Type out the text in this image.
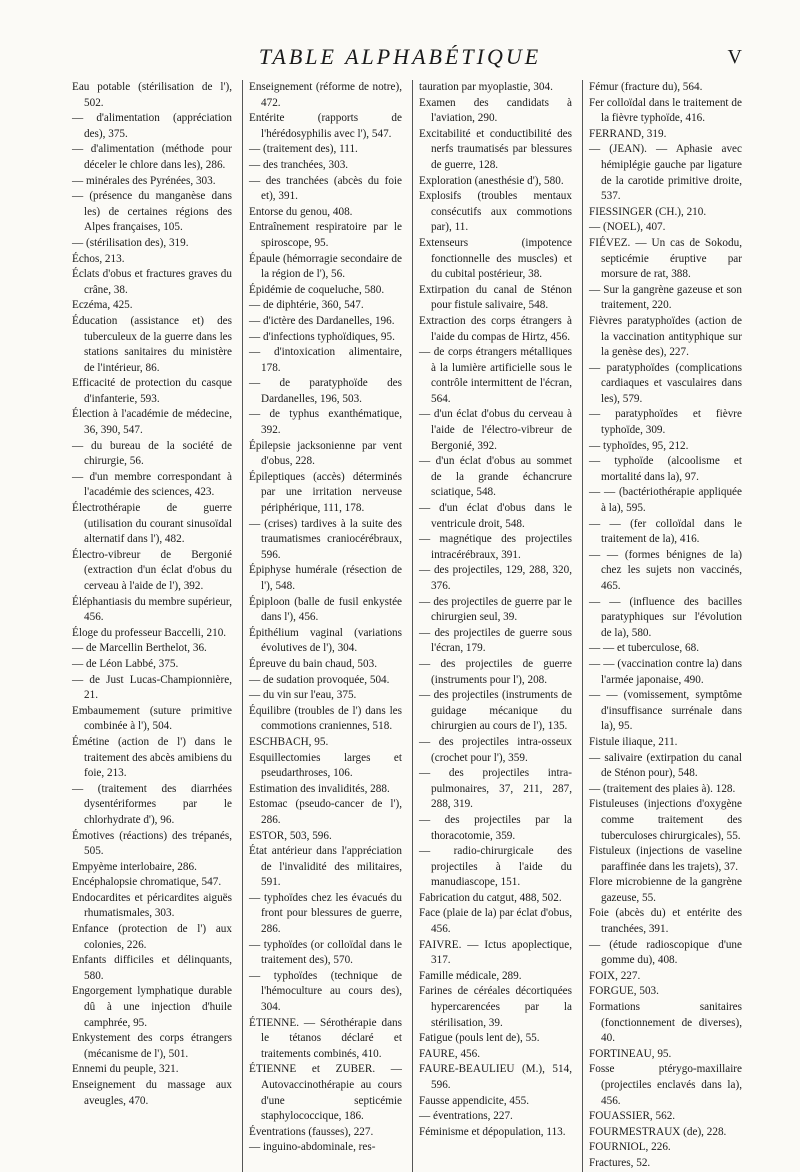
TABLE ALPHABÉTIQUE	V

Eau potable (stérilisation de l'), 502.

— d'alimentation (appréciation des), 375.

— d'alimentation (méthode pour déceler le chlore dans les), 286.

— minérales des Pyrénées, 303.

— (présence du manganèse dans les) de certaines régions des Alpes françaises, 105.

— (stérilisation des), 319.

Échos, 213.

Éclats d'obus et fractures graves du crâne, 38.

Eczéma, 425.

Éducation (assistance et) des tuberculeux de la guerre dans les stations sanitaires du ministère de l'intérieur, 86.

Efficacité de protection du casque d'infanterie, 593.

Élection à l'académie de médecine, 36, 390, 547.

— du bureau de la société de chirurgie, 56.

— d'un membre correspondant à l'académie des sciences, 423.

Électrothérapie de guerre (utilisation du courant sinusoïdal alternatif dans l'), 482.

Électro-vibreur de Bergonié (extraction d'un éclat d'obus du cerveau à l'aide de l'), 392.

Éléphantiasis du membre supérieur, 456.

Éloge du professeur Baccelli, 210.

— de Marcellin Berthelot, 36.

— de Léon Labbé, 375.

— de Just Lucas-Championnière, 21.

Embaumement (suture primitive combinée à l'), 504.

Émétine (action de l') dans le traitement des abcès amibiens du foie, 213.

— (traitement des diarrhées dysentériformes par le chlorhydrate d'), 96.

Émotives (réactions) des trépanés, 505.

Empyème interlobaire, 286.

Encéphalopsie chromatique, 547.

Endocardites et péricardites aiguës rhumatismales, 303.

Enfance (protection de l') aux colonies, 226.

Enfants difficiles et délinquants, 580.

Engorgement lymphatique durable dû à une injection d'huile camphrée, 95.

Enkystement des corps étrangers (mécanisme de l'), 501.

Ennemi du peuple, 321.

Enseignement du massage aux aveugles, 470.

Enseignement (réforme de notre), 472.

Entérite (rapports de l'hérédosyphilis avec l'), 547.

— (traitement des), 111.

— des tranchées, 303.

— des tranchées (abcès du foie et), 391.

Entorse du genou, 408.

Entraînement respiratoire par le spiroscope, 95.

Épaule (hémorragie secondaire de la région de l'), 56.

Épidémie de coqueluche, 580.

— de diphtérie, 360, 547.

— d'ictère des Dardanelles, 196.

— d'infections typhoïdiques, 95.

— d'intoxication alimentaire, 178.

— de paratyphoïde des Dardanelles, 196, 503.

— de typhus exanthématique, 392.

Épilepsie jacksonienne par vent d'obus, 228.

Épileptiques (accès) déterminés par une irritation nerveuse périphérique, 111, 178.

— (crises) tardives à la suite des traumatismes craniocérébraux, 596.

Épiphyse humérale (résection de l'), 548.

Épiploon (balle de fusil enkystée dans l'), 456.

Épithélium vaginal (variations évolutives de l'), 304.

Épreuve du bain chaud, 503.

— de sudation provoquée, 504.

— du vin sur l'eau, 375.

Équilibre (troubles de l') dans les commotions craniennes, 518.

ESCHBACH, 95.

Esquillectomies larges et pseudarthroses, 106.

Estimation des invalidités, 288.

Estomac (pseudo-cancer de l'), 286.

ESTOR, 503, 596.

État antérieur dans l'appréciation de l'invalidité des militaires, 591.

— typhoïdes chez les évacués du front pour blessures de guerre, 286.

— typhoïdes (or colloïdal dans le traitement des), 570.

— typhoïdes (technique de l'hémoculture au cours des), 304.

ÉTIENNE. — Sérothérapie dans le tétanos déclaré et traitements combinés, 410.

ÉTIENNE et ZUBER. — Autovaccinothérapie au cours d'une septicémie staphylococcique, 186.

Éventrations (fausses), 227.

— inguino-abdominale, res-

tauration par myoplastie, 304.

Examen des candidats à l'aviation, 290.

Excitabilité et conductibilité des nerfs traumatisés par blessures de guerre, 128.

Exploration (anesthésie d'), 580.

Explosifs (troubles mentaux consécutifs aux commotions par), 11.

Extenseurs (impotence fonctionnelle des muscles) et du cubital postérieur, 38.

Extirpation du canal de Sténon pour fistule salivaire, 548.

Extraction des corps étrangers à l'aide du compas de Hirtz, 456.

— de corps étrangers métalliques à la lumière artificielle sous le contrôle intermittent de l'écran, 564.

— d'un éclat d'obus du cerveau à l'aide de l'électro-vibreur de Bergonié, 392.

— d'un éclat d'obus au sommet de la grande échancrure sciatique, 548.

— d'un éclat d'obus dans le ventricule droit, 548.

— magnétique des projectiles intracérébraux, 391.

— des projectiles, 129, 288, 320, 376.

— des projectiles de guerre par le chirurgien seul, 39.

— des projectiles de guerre sous l'écran, 179.

— des projectiles de guerre (instruments pour l'), 208.

— des projectiles (instruments de guidage mécanique du chirurgien au cours de l'), 135.

— des projectiles intra-osseux (crochet pour l'), 359.

— des projectiles intra-pulmonaires, 37, 211, 287, 288, 319.

— des projectiles par la thoracotomie, 359.

— radio-chirurgicale des projectiles à l'aide du manudiascope, 151.

Fabrication du catgut, 488, 502.

Face (plaie de la) par éclat d'obus, 456.

FAIVRE. — Ictus apoplectique, 317.

Famille médicale, 289.

Farines de céréales décortiquées hypercarencées par la stérilisation, 39.

Fatigue (pouls lent de), 55.

FAURE, 456.

FAURE-BEAULIEU (M.), 514, 596.

Fausse appendicite, 455.

— éventrations, 227.

Féminisme et dépopulation, 113.

Fémur (fracture du), 564.

Fer colloïdal dans le traitement de la fièvre typhoïde, 416.

FERRAND, 319.

— (JEAN). — Aphasie avec hémiplégie gauche par ligature de la carotide primitive droite, 537.

FIESSINGER (CH.), 210.

— (NOEL), 407.

FIÉVEZ. — Un cas de Sokodu, septicémie éruptive par morsure de rat, 388.

— Sur la gangrène gazeuse et son traitement, 220.

Fièvres paratyphoïdes (action de la vaccination antityphique sur la genèse des), 227.

— paratyphoïdes (complications cardiaques et vasculaires dans les), 579.

— paratyphoïdes et fièvre typhoïde, 309.

— typhoïdes, 95, 212.

— typhoïde (alcoolisme et mortalité dans la), 97.

— — (bactériothérapie appliquée à la), 595.

— — (fer colloïdal dans le traitement de la), 416.

— — (formes bénignes de la) chez les sujets non vaccinés, 465.

— — (influence des bacilles paratyphiques sur l'évolution de la), 580.

— — et tuberculose, 68.

— — (vaccination contre la) dans l'armée japonaise, 490.

— — (vomissement, symptôme d'insuffisance surrénale dans la), 95.

Fistule iliaque, 211.

— salivaire (extirpation du canal de Sténon pour), 548.

— (traitement des plaies à). 128.

Fistuleuses (injections d'oxygène comme traitement des tuberculoses chirurgicales), 55.

Fistuleux (injections de vaseline paraffinée dans les trajets), 37.

Flore microbienne de la gangrène gazeuse, 55.

Foie (abcès du) et entérite des tranchées, 391.

— (étude radioscopique d'une gomme du), 408.

FOIX, 227.

FORGUE, 503.

Formations sanitaires (fonctionnement de diverses), 40.

FORTINEAU, 95.

Fosse ptérygo-maxillaire (projectiles enclavés dans la), 456.

FOUASSIER, 562.

FOURMESTRAUX (de), 228.

FOURNIOL, 226.

Fractures, 52.
